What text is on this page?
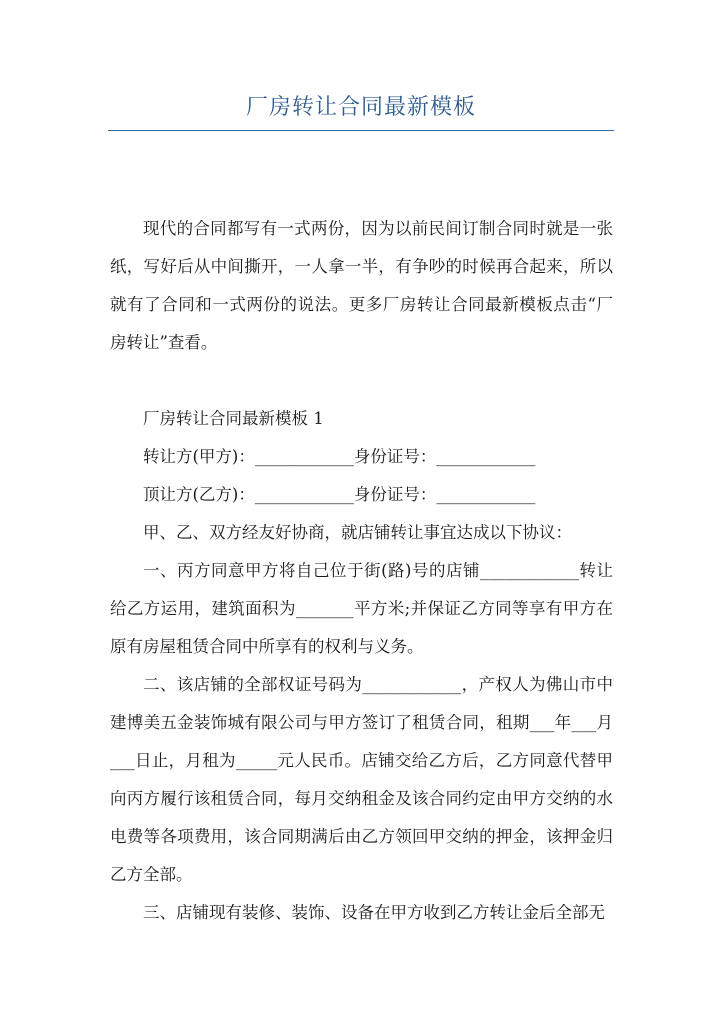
厂房转让合同最新模板

现代的合同都写有一式两份，因为以前民间订制合同时就是一张纸，写好后从中间撕开，一人拿一半，有争吵的时候再合起来，所以就有了合同和一式两份的说法。更多厂房转让合同最新模板点击“厂房转让”查看。

厂房转让合同最新模板 1

转让方(甲方)：____________身份证号：____________

顶让方(乙方)：____________身份证号：____________

甲、乙、双方经友好协商，就店铺转让事宜达成以下协议：

一、丙方同意甲方将自己位于街(路)号的店铺____________转让给乙方运用，建筑面积为_______平方米;并保证乙方同等享有甲方在原有房屋租赁合同中所享有的权利与义务。

二、该店铺的全部权证号码为____________，产权人为佛山市中建博美五金装饰城有限公司与甲方签订了租赁合同，租期___年___月___日止，月租为_____元人民币。店铺交给乙方后，乙方同意代替甲向丙方履行该租赁合同，每月交纳租金及该合同约定由甲方交纳的水电费等各项费用，该合同期满后由乙方领回甲交纳的押金，该押金归乙方全部。

三、店铺现有装修、装饰、设备在甲方收到乙方转让金后全部无
